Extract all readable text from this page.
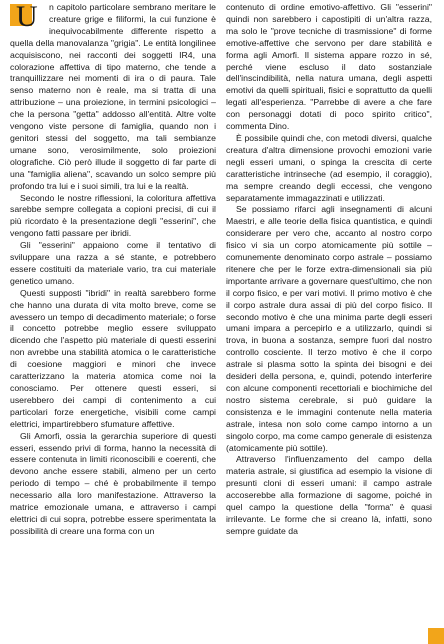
U n capitolo particolare sembrano meritare le creature grige e filiformi, la cui funzione è inequivocabilmente differente rispetto a quella della manovalanza "grigia". Le entità longilinee acquisiscono, nei racconti dei soggetti IR4, una colorazione affettiva di tipo materno, che tende a tranquillizzare nei momenti di ira o di paura. Tale senso materno non è reale, ma si tratta di una attribuzione – una proiezione, in termini psicologici – che la persona "getta" addosso all'entità. Altre volte vengono viste persone di famiglia, quando non i genitori stessi del soggetto, ma tali sembianze umane sono, verosimilmente, solo proiezioni olografiche. Ciò però illude il soggetto di far parte di una "famiglia aliena", scavando un solco sempre più profondo tra lui e i suoi simili, tra lui e la realtà.

Secondo le nostre riflessioni, la coloritura affettiva sarebbe sempre collegata a copioni precisi, di cui il più ricordato è la presentazione degli "esserini", che vengono fatti passare per ibridi.

Gli "esserini" appaiono come il tentativo di sviluppare una razza a sé stante, e potrebbero essere costituiti da materiale vario, tra cui materiale genetico umano.

Questi supposti "ibridi" in realtà sarebbero forme che hanno una durata di vita molto breve, come se avessero un tempo di decadimento materiale; o forse il concetto potrebbe meglio essere sviluppato dicendo che l'aspetto più materiale di questi esserini non avrebbe una stabilità atomica o le caratteristiche di coesione maggiori e minori che invece caratterizzano la materia atomica come noi la conosciamo. Per ottenere questi esseri, si userebbero dei campi di contenimento a cui particolari forze energetiche, visibili come campi elettrici, impartirebbero sfumature affettive.

Gli Amorfi, ossia la gerarchia superiore di questi esseri, essendo privi di forma, hanno la necessità di essere contenuta in limiti riconoscibili e coerenti, che devono anche essere stabili, almeno per un certo periodo di tempo – ché è probabilmente il tempo necessario alla loro manifestazione. Attraverso la matrice emozionale umana, e attraverso i campi elettrici di cui sopra, potrebbe essere sperimentata la possibilità di creare una forma con un

contenuto di ordine emotivo-affettivo. Gli "esserini" quindi non sarebbero i capostipiti di un'altra razza, ma solo le "prove tecniche di trasmissione" di forme emotive-affettive che servono per dare stabilità e forma agli Amorfi. Il sistema appare rozzo in sé, perché viene escluso il dato sostanziale dell'inscindibilità, nella natura umana, degli aspetti emotivi da quelli spirituali, fisici e soprattutto da quelli legati all'esperienza. "Parrebbe di avere a che fare con personaggi dotati di poco spirito critico", commenta Dino.

È possibile quindi che, con metodi diversi, qualche creatura d'altra dimensione provochi emozioni varie negli esseri umani, o spinga la crescita di certe caratteristiche intrinseche (ad esempio, il coraggio), ma sempre creando degli eccessi, che vengono separatamente immagazzinati e utilizzati.

Se possiamo rifarci agli insegnamenti di alcuni Maestri, e alle teorie della fisica quantistica, e quindi considerare per vero che, accanto al nostro corpo fisico vi sia un corpo atomicamente più sottile – comunemente denominato corpo astrale – possiamo ritenere che per le forze extra-dimensionali sia più importante arrivare a governare quest'ultimo, che non il corpo fisico, e per vari motivi. Il primo motivo è che il corpo astrale dura assai di più del corpo fisico. Il secondo motivo è che una minima parte degli esseri umani impara a percepirlo e a utilizzarlo, quindi si trova, in buona a sostanza, sempre fuori dal nostro controllo cosciente. Il terzo motivo è che il corpo astrale si plasma sotto la spinta dei bisogni e dei desideri della persona, e, quindi, potendo interferire con alcune componenti recettoriali e biochimiche del nostro sistema cerebrale, si può guidare la consistenza e le immagini contenute nella materia astrale, intesa non solo come campo intorno a un singolo corpo, ma come campo generale di esistenza (atomicamente più sottile).

Attraverso l'influenzamento del campo della materia astrale, si giustifica ad esempio la visione di presunti cloni di esseri umani: il campo astrale accoserebbe alla formazione di sagome, poiché in quel campo la questione della "forma" è quasi irrilevante. Le forme che si creano là, infatti, sono sempre guidate da
